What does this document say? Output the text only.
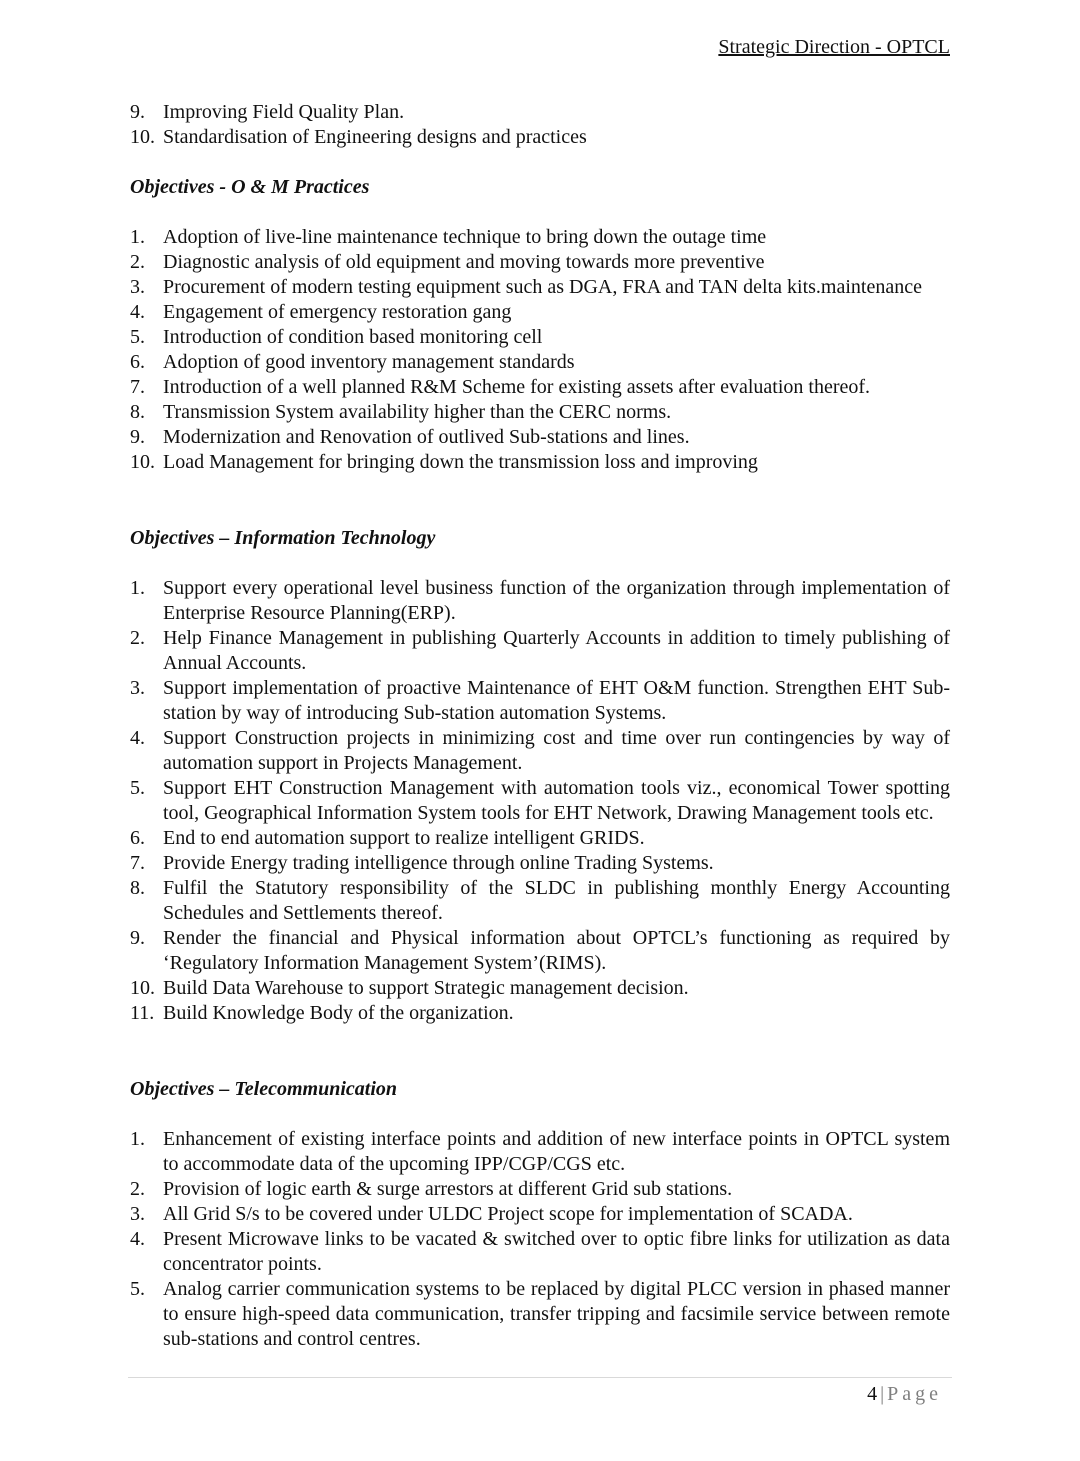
Strategic Direction - OPTCL
9. Improving Field Quality Plan.
10. Standardisation of Engineering designs and practices
Objectives - O & M Practices
1. Adoption of live-line maintenance technique to bring down the outage time
2. Diagnostic analysis of old equipment and moving towards more preventive
3. Procurement of modern testing equipment such as DGA, FRA and TAN delta kits.maintenance
4. Engagement of emergency restoration gang
5. Introduction of condition based monitoring cell
6. Adoption of good inventory management standards
7. Introduction of a well planned R&M Scheme for existing assets after evaluation thereof.
8. Transmission System availability higher than the CERC norms.
9. Modernization and Renovation of outlived Sub-stations and lines.
10. Load Management for bringing down the transmission loss and improving
Objectives – Information Technology
1. Support every operational level business function of the organization through implementation of Enterprise Resource Planning(ERP).
2. Help Finance Management in publishing Quarterly Accounts in addition to timely publishing of Annual Accounts.
3. Support implementation of proactive Maintenance of EHT O&M function. Strengthen EHT Sub-station by way of introducing Sub-station automation Systems.
4. Support Construction projects in minimizing cost and time over run contingencies by way of automation support in Projects Management.
5. Support EHT Construction Management with automation tools viz., economical Tower spotting tool, Geographical Information System tools for EHT Network, Drawing Management tools etc.
6. End to end automation support to realize intelligent GRIDS.
7. Provide Energy trading intelligence through online Trading Systems.
8. Fulfil the Statutory responsibility of the SLDC in publishing monthly Energy Accounting Schedules and Settlements thereof.
9. Render the financial and Physical information about OPTCL’s functioning as required by ‘Regulatory Information Management System’(RIMS).
10. Build Data Warehouse to support Strategic management decision.
11. Build Knowledge Body of the organization.
Objectives – Telecommunication
1. Enhancement of existing interface points and addition of new interface points in OPTCL system to accommodate data of the upcoming IPP/CGP/CGS etc.
2. Provision of logic earth & surge arrestors at different Grid sub stations.
3. All Grid S/s to be covered under ULDC Project scope for implementation of SCADA.
4. Present Microwave links to be vacated & switched over to optic fibre links for utilization as data concentrator points.
5. Analog carrier communication systems to be replaced by digital PLCC version in phased manner to ensure high-speed data communication, transfer tripping and facsimile service between remote sub-stations and control centres.
4 | Page
